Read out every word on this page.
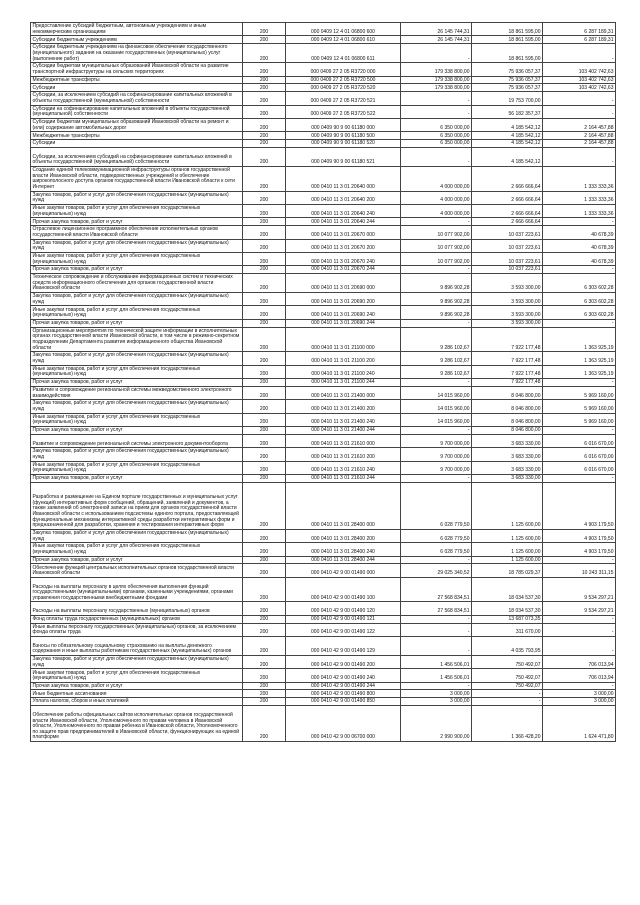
Предоставление субсидий бюджетным, автономным учреждениям и иным некоммерческим организациям	200	000 0409 12 4 01 06800 600	26 145 744,31	18 861 595,00	6 287 189,31
Субсидии бюджетным учреждениям	200	000 0409 12 4 01 06800 610	26 145 744,31	18 861 595,00	6 287 189,31
Субсидии бюджетным учреждениям на финансовое обеспечение государственного (муниципального) задания на оказание государственных (муниципальных) услуг (выполнение работ)	200	000 0409 12 4 01 06800 611	-	18 861 595,00	-
Субсидии бюджетам муниципальных образований Ивановской области на развитие транспортной инфраструктуры на сельских территориях	200	000 0409 27 2 05 R3720 000	179 338 800,00	75 936 057,37	103 402 742,63
Межбюджетные трансферты	200	000 0409 27 2 05 R3720 500	179 338 800,00	75 936 057,37	103 402 742,63
Субсидии	200	000 0409 27 2 05 R3720 520	179 338 800,00	75 936 057,37	103 402 742,63
Субсидии, за исключением субсидий на софинансирование капитальных вложений в объекты государственной (муниципальной) собственности	200	000 0409 27 2 05 R3720 521	-	19 753 700,00	-
Субсидии на софинансирование капитальных вложений в объекты государственной (муниципальной) собственности	200	000 0409 27 2 05 R3720 522	-	56 182 357,37	-
Субсидии бюджетам муниципальных образований Ивановской области на ремонт и (или) содержание автомобильных дорог	200	000 0409 90 9 00 61180 000	6 350 000,00	4 185 542,12	2 164 457,88
Межбюджетные трансферты	200	000 0409 90 9 00 61180 500	6 350 000,00	4 185 542,12	2 164 457,88
Субсидии	200	000 0409 90 9 00 61180 520	6 350 000,00	4 185 542,12	2 164 457,88
Субсидии, за исключением субсидий на софинансирование капитальных вложений в объекты государственной (муниципальной) собственности	200	000 0409 90 9 00 61180 521	-	4 185 542,12	-
Создание единой телекоммуникационной инфраструктуры органов государственной власти Ивановской области, подведомственных учреждений и обеспечение широкополосного доступа органов государственной власти Ивановской области к сети Интернет	200	000 0410 11 3 01 20640 000	4 000 000,00	2 666 666,64	1 333 333,36
Закупка товаров, работ и услуг для обеспечения государственных (муниципальных) нужд	200	000 0410 11 3 01 20640 200	4 000 000,00	2 666 666,64	1 333 333,36
Иные закупки товаров, работ и услуг для обеспечения государственных (муниципальных) нужд	200	000 0410 11 3 01 20640 240	4 000 000,00	2 666 666,64	1 333 333,36
Прочая закупка товаров, работ и услуг	200	000 0410 11 3 01 20640 244	-	2 666 666,64	-
Отраслевое лицензионное программное обеспечение исполнительных органов государственной власти Ивановской области	200	000 0410 11 3 01 20670 000	10 077 902,00	10 037 223,61	40 678,39
Закупка товаров, работ и услуг для обеспечения государственных (муниципальных) нужд	200	000 0410 11 3 01 20670 200	10 077 902,00	10 037 223,61	40 678,39
Иные закупки товаров, работ и услуг для обеспечения государственных (муниципальных) нужд	200	000 0410 11 3 01 20670 240	10 077 902,00	10 037 223,61	40 678,39
Прочая закупка товаров, работ и услуг	200	000 0410 11 3 01 20670 244	-	10 037 223,61	-
Техническое сопровождение и обслуживание информационных систем и технических средств информационного обеспечения для органов государственной власти Ивановской области	200	000 0410 11 3 01 20690 000	9 896 902,28	3 593 300,00	6 303 602,28
Закупка товаров, работ и услуг для обеспечения государственных (муниципальных) нужд	200	000 0410 11 3 01 20690 200	9 896 902,28	3 593 300,00	6 303 602,28
Иные закупки товаров, работ и услуг для обеспечения государственных (муниципальных) нужд	200	000 0410 11 3 01 20690 240	9 896 902,28	3 593 300,00	6 303 602,28
Прочая закупка товаров, работ и услуг	200	000 0410 11 3 01 20690 244	-	3 593 300,00	-
Организационные мероприятия по технической защите информации в исполнительных органах государственной власти Ивановской области, в том числе в режимно-секретном подразделении Департамента развития информационного общества Ивановской области	200	000 0410 11 3 01 21100 000	9 286 102,67	7 922 177,48	1 363 925,19
Закупка товаров, работ и услуг для обеспечения государственных (муниципальных) нужд	200	000 0410 11 3 01 21100 200	9 286 102,67	7 922 177,48	1 363 925,19
Иные закупки товаров, работ и услуг для обеспечения государственных (муниципальных) нужд	200	000 0410 11 3 01 21100 240	9 286 102,67	7 922 177,48	1 363 925,19
Прочая закупка товаров, работ и услуг	200	000 0410 11 3 01 21100 244	-	7 922 177,48	-
Развитие и сопровождение региональной системы межведомственного электронного взаимодействия	200	000 0410 11 3 01 21400 000	14 015 960,00	8 046 800,00	5 969 160,00
Закупка товаров, работ и услуг для обеспечения государственных (муниципальных) нужд	200	000 0410 11 3 01 21400 200	14 015 960,00	8 046 800,00	5 969 160,00
Иные закупки товаров, работ и услуг для обеспечения государственных (муниципальных) нужд	200	000 0410 11 3 01 21400 240	14 015 960,00	8 046 800,00	5 969 160,00
Прочая закупка товаров, работ и услуг	200	000 0410 11 3 01 21400 244	-	8 046 800,00	-
Развитие и сопровождение региональной системы электронного документооборота	200	000 0410 11 3 01 21610 000	9 700 000,00	3 683 330,00	6 016 670,00
Закупка товаров, работ и услуг для обеспечения государственных (муниципальных) нужд	200	000 0410 11 3 01 21610 200	9 700 000,00	3 683 330,00	6 016 670,00
Иные закупки товаров, работ и услуг для обеспечения государственных (муниципальных) нужд	200	000 0410 11 3 01 21610 240	9 700 000,00	3 683 330,00	6 016 670,00
Прочая закупка товаров, работ и услуг	200	000 0410 11 3 01 21610 244	-	3 683 330,00	-
Разработка и размещение на Едином портале государственных и муниципальных услуг (функций) интерактивных форм сообщений, обращений, заявлений и документов, а также заявлений об электронной записи на прием для органов государственной власти Ивановской области с использованием подсистемы единого портала, предоставляющей функциональные механизмы интерактивной среды разработки интерактивных форм и предназначенной для разработки, хранения и тестирования интерактивных форм	200	000 0410 11 3 01 28400 000	6 028 779,50	1 125 600,00	4 903 179,50
Закупка товаров, работ и услуг для обеспечения государственных (муниципальных) нужд	200	000 0410 11 3 01 28400 200	6 028 779,50	1 125 600,00	4 903 179,50
Иные закупки товаров, работ и услуг для обеспечения государственных (муниципальных) нужд	200	000 0410 11 3 01 28400 240	6 028 779,50	1 125 600,00	4 903 179,50
Прочая закупка товаров, работ и услуг	200	000 0410 11 3 01 28400 244	-	1 125 600,00	-
Обеспечение функций центральных исполнительных органов государственной власти Ивановской области	200	000 0410 42 9 00 01490 000	29 025 340,52	18 785 029,37	10 243 311,15
Расходы на выплаты персоналу в целях обеспечения выполнения функций государственными (муниципальными) органами, казенными учреждениями, органами управления государственными внебюджетными фондами	200	000 0410 42 9 00 01490 100	27 568 834,51	18 034 537,30	9 534 297,21
Расходы на выплаты персоналу государственных (муниципальных) органов	200	000 0410 42 9 00 01490 120	27 568 834,51	18 034 537,30	9 534 297,21
Фонд оплаты труда государственных (муниципальных) органов	200	000 0410 42 9 00 01490 121	-	13 687 073,35	-
Иные выплаты персоналу государственных (муниципальных) органов, за исключением фонда оплаты труда	200	000 0410 42 9 00 01490 122	-	311 670,00	-
Взносы по обязательному социальному страхованию на выплаты денежного содержания и иные выплаты работникам государственных (муниципальных) органов	200	000 0410 42 9 00 01490 129	-	4 035 793,95	-
Закупка товаров, работ и услуг для обеспечения государственных (муниципальных) нужд	200	000 0410 42 9 00 01490 200	1 456 506,01	750 492,07	706 013,94
Иные закупки товаров, работ и услуг для обеспечения государственных (муниципальных) нужд	200	000 0410 42 9 00 01490 240	1 456 506,01	750 492,07	706 013,94
Прочая закупка товаров, работ и услуг	200	000 0410 42 9 00 01490 244	-	750 492,07	-
Иные бюджетные ассигнования	200	000 0410 42 9 00 01490 800	3 000,00	-	3 000,00
Уплата налогов, сборов и иных платежей	200	000 0410 42 9 00 01490 850	3 000,00	-	3 000,00
Обеспечение работы официальных сайтов исполнительных органов государственной власти Ивановской области, Уполномоченного по правам человека в Ивановской области, Уполномоченного по правам ребенка в Ивановской области, Уполномоченного по защите прав предпринимателей в Ивановской области, функционирующих на единой платформе	200	000 0410 42 9 00 06700 000	2 990 900,00	1 366 428,20	1 624 471,80
